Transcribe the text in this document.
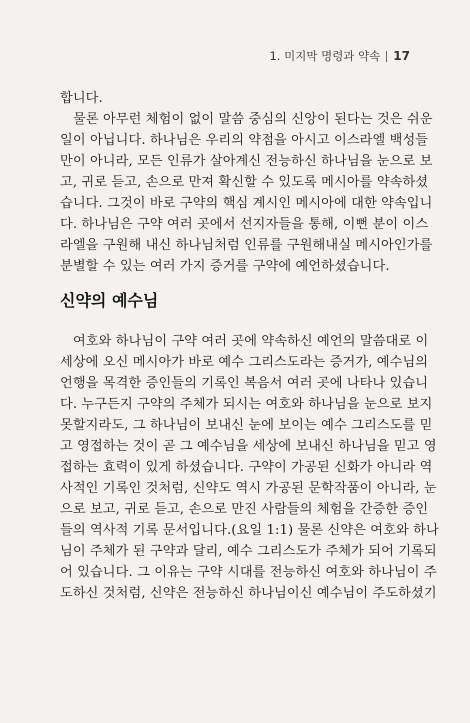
1. 미지막 명령과 약속 17
합니다.
물론 아무런 체험이 없이 말씀 중심의 신앙이 된다는 것은 쉬운
일이 아닙니다. 하나님은 우리의 약점을 아시고 이스라엘 백성들
만이 아니라, 모든 인류가 살아계신 전능하신 하나님을 눈으로 보
고, 귀로 듣고, 손으로 만져 확신할 수 있도록 메시아를 약속하셨
습니다. 그것이 바로 구약의 핵심 계시인 메시아에 대한 약속입니
다. 하나님은 구약 여러 곳에서 선지자들을 통해, 이뻔 분이 이스
라엘을 구원해 내신 하나님처럼 인류를 구원해내실 메시아인가를
분별할 수 있는 여러 가지 증거를 구약에 예언하셨습니다.
신약의 예수님
여호와 하나님이 구약 여러 곳에 약속하신 예언의 말씀대로 이
세상에 오신 메시아가 바로 예수 그리스도라는 증거가, 예수님의
언행을 목격한 증인들의 기록인 복음서 여러 곳에 나타나 있습니
다. 누구든지 구약의 주체가 되시는 여호와 하나님을 눈으로 보지
못할지라도, 그 하나님이 보내신 눈에 보이는 예수 그리스도를 믿
고 영접하는 것이 곧 그 예수님을 세상에 보내신 하나님을 믿고 영
접하는 효력이 있게 하셨습니다. 구약이 가공된 신화가 아니라 역
사적인 기록인 것처럼, 신약도 역시 가공된 문학작품이 아니라, 눈
으로 보고, 귀로 듣고, 손으로 만진 사람들의 체험을 간증한 증인
들의 역사적 기록 문서입니다.(요일 1:1) 물론 신약은 여호와 하나
님이 주체가 된 구약과 달리, 예수 그리스도가 주체가 되어 기록되
어 있습니다. 그 이유는 구약 시대를 전능하신 여호와 하나님이 주
도하신 것처럼, 신약은 전능하신 하나님이신 예수님이 주도하셨기
